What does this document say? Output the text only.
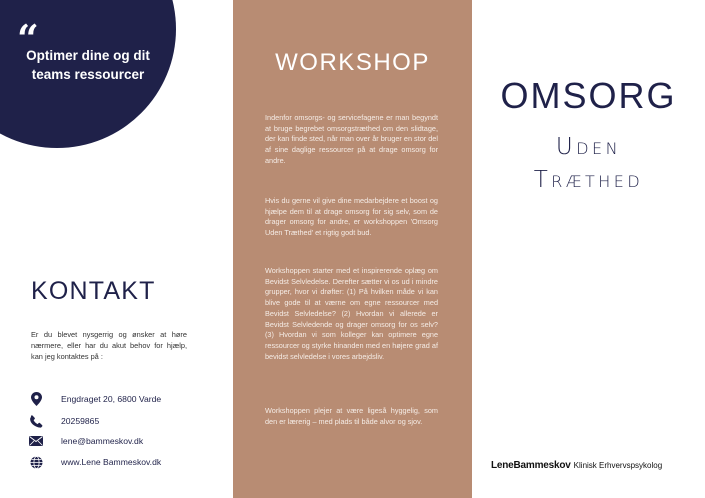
“
Optimer dine og dit teams ressourcer
KONTAKT
Er du blevet nysgerrig og ønsker at høre nærmere, eller har du akut behov for hjælp, kan jeg kontaktes på :
Engdraget 20, 6800 Varde
20259865
lene@bammeskov.dk
www.Lene Bammeskov.dk
WORKSHOP

Indenfor omsorgs- og servicefagene er man begyndt at bruge begrebet omsorgstræthed om den slidtage, der kan finde sted, når man over år bruger en stor del af sine daglige ressourcer på at drage omsorg for andre.

Hvis du gerne vil give dine medarbejdere et boost og hjælpe dem til at drage omsorg for sig selv, som de drager omsorg for andre, er workshoppen 'Omsorg Uden Træthed' et rigtig godt bud.

Workshoppen starter med et inspirerende oplæg om Bevidst Selvledelse. Derefter sætter vi os ud i mindre grupper, hvor vi drøfter: (1) På hvilken måde vi kan blive gode til at værne om egne ressourcer med Bevidst Selvledelse? (2) Hvordan vi allerede er Bevidst Selvledende og drager omsorg for os selv? (3) Hvordan vi som kolleger kan optimere egne ressourcer og styrke hinanden med en højere grad af bevidst selvledelse i vores arbejdsliv.

Workshoppen plejer at være ligeså hyggelig, som den er lærerig – med plads til både alvor og sjov.

OMSORG
Uden
Træthed
LeneBammeskov Klinisk Erhvervspsykolog
